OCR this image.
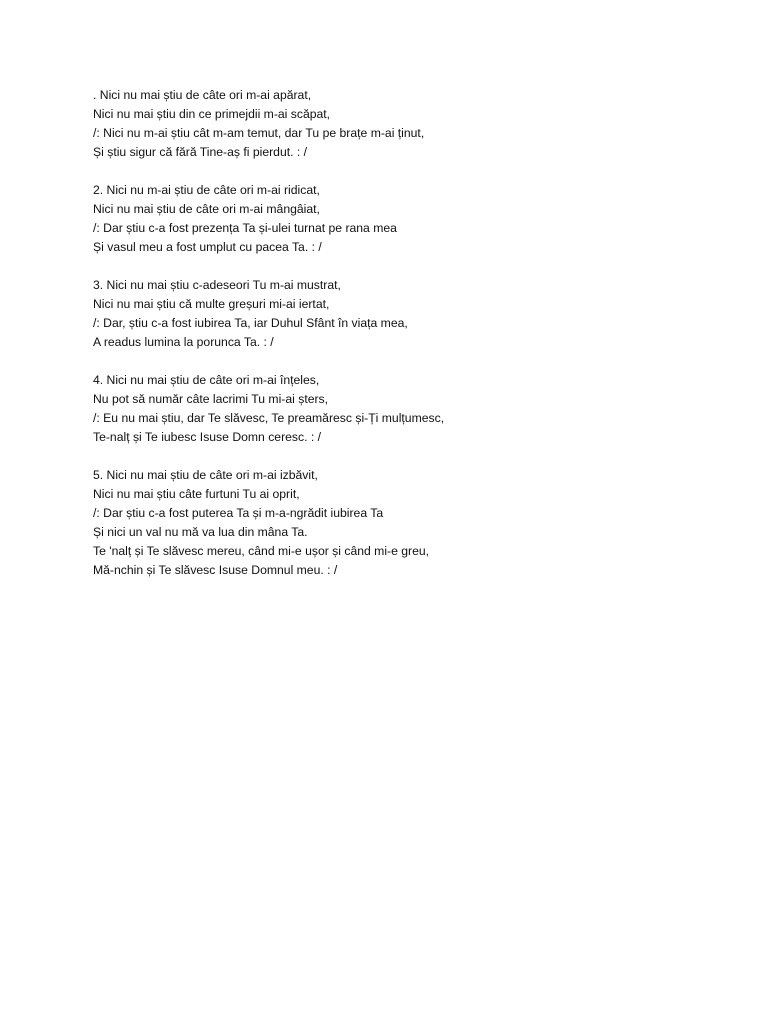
. Nici nu mai știu de câte ori m-ai apărat,
Nici nu mai știu din ce primejdii m-ai scăpat,
/: Nici nu m-ai știu cât m-am temut, dar Tu pe brațe m-ai ținut,
Și știu sigur că fără Tine-aș fi pierdut. : /
2. Nici nu m-ai știu de câte ori m-ai ridicat,
Nici nu mai știu de câte ori m-ai mângâiat,
/: Dar știu c-a fost prezența Ta și-ulei turnat pe rana mea
Și vasul meu a fost umplut cu pacea Ta. : /
3. Nici nu mai știu c-adeseori Tu m-ai mustrat,
Nici nu mai știu că multe greșuri mi-ai iertat,
/: Dar, știu c-a fost iubirea Ta, iar Duhul Sfânt în viața mea,
A readus lumina la porunca Ta. : /
4. Nici nu mai știu de câte ori m-ai înțeles,
Nu pot să număr câte lacrimi Tu mi-ai șters,
/: Eu nu mai știu, dar Te slăvesc, Te preamăresc și-Ți mulțumesc,
Te-nalț și Te iubesc Isuse Domn ceresc. : /
5. Nici nu mai știu de câte ori m-ai izbăvit,
Nici nu mai știu câte furtuni Tu ai oprit,
/: Dar știu c-a fost puterea Ta și m-a-ngrădit iubirea Ta
Și nici un val nu mă va lua din mâna Ta.
Te 'nalț și Te slăvesc mereu, când mi-e ușor și când mi-e greu,
Mă-nchin și Te slăvesc Isuse Domnul meu. : /
